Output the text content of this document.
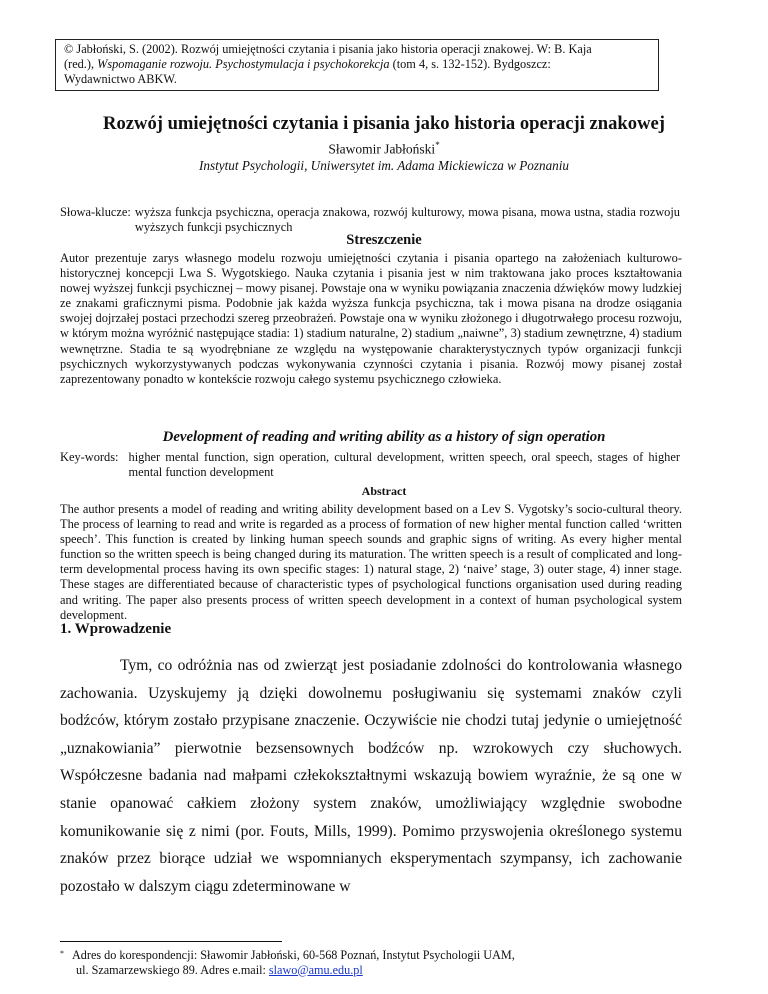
© Jabłoński, S. (2002). Rozwój umiejętności czytania i pisania jako historia operacji znakowej. W: B. Kaja
(red.), Wspomaganie rozwoju. Psychostymulacja i psychokorekcja (tom 4, s. 132-152). Bydgoszcz:
Wydawnictwo ABKW.
Rozwój umiejętności czytania i pisania jako historia operacji znakowej
Sławomir Jabłoński*
Instytut Psychologii, Uniwersytet im. Adama Mickiewicza w Poznaniu
Słowa-klucze: wyższa funkcja psychiczna, operacja znakowa, rozwój kulturowy, mowa pisana, mowa ustna, stadia rozwoju wyższych funkcji psychicznych
Streszczenie
Autor prezentuje zarys własnego modelu rozwoju umiejętności czytania i pisania opartego na założeniach kulturowo-historycznej koncepcji Lwa S. Wygotskiego. Nauka czytania i pisania jest w nim traktowana jako proces kształtowania nowej wyższej funkcji psychicznej – mowy pisanej. Powstaje ona w wyniku powiązania znaczenia dźwięków mowy ludzkiej ze znakami graficznymi pisma. Podobnie jak każda wyższa funkcja psychiczna, tak i mowa pisana na drodze osiągania swojej dojrzałej postaci przechodzi szereg przeobrażeń. Powstaje ona w wyniku złożonego i długotrwałego procesu rozwoju, w którym można wyróżnić następujące stadia: 1) stadium naturalne, 2) stadium „naiwne”, 3) stadium zewnętrzne, 4) stadium wewnętrzne. Stadia te są wyodrębniane ze względu na występowanie charakterystycznych typów organizacji funkcji psychicznych wykorzystywanych podczas wykonywania czynności czytania i pisania. Rozwój mowy pisanej został zaprezentowany ponadto w kontekście rozwoju całego systemu psychicznego człowieka.
Development of reading and writing ability as a history of sign operation
Key-words: higher mental function, sign operation, cultural development, written speech, oral speech, stages of higher mental function development
Abstract
The author presents a model of reading and writing ability development based on a Lev S. Vygotsky’s socio-cultural theory. The process of learning to read and write is regarded as a process of formation of new higher mental function called ‘written speech’. This function is created by linking human speech sounds and graphic signs of writing. As every higher mental function so the written speech is being changed during its maturation. The written speech is a result of complicated and long-term developmental process having its own specific stages: 1) natural stage, 2) ‘naive’ stage, 3) outer stage, 4) inner stage. These stages are differentiated because of characteristic types of psychological functions organisation used during reading and writing. The paper also presents process of written speech development in a context of human psychological system development.
1. Wprowadzenie

Tym, co odróżnia nas od zwierząt jest posiadanie zdolności do kontrolowania własnego zachowania. Uzyskujemy ją dzięki dowolnemu posługiwaniu się systemami znaków czyli bodźców, którym zostało przypisane znaczenie. Oczywiście nie chodzi tutaj jedynie o umiejętność „uznakowiania” pierwotnie bezsensownych bodźców np. wzrokowych czy słuchowych. Współczesne badania nad małpami człekokształtnymi wskazują bowiem wyraźnie, że są one w stanie opanować całkiem złożony system znaków, umożliwiający względnie swobodne komunikowanie się z nimi (por. Fouts, Mills, 1999). Pomimo przyswojenia określonego systemu znaków przez biorące udział we wspomnianych eksperymentach szympansy, ich zachowanie pozostało w dalszym ciągu zdeterminowane w

* Adres do korespondencji: Sławomir Jabłoński, 60-568 Poznań, Instytut Psychologii UAM,
ul. Szamarzewskiego 89. Adres e.mail: slawo@amu.edu.pl
